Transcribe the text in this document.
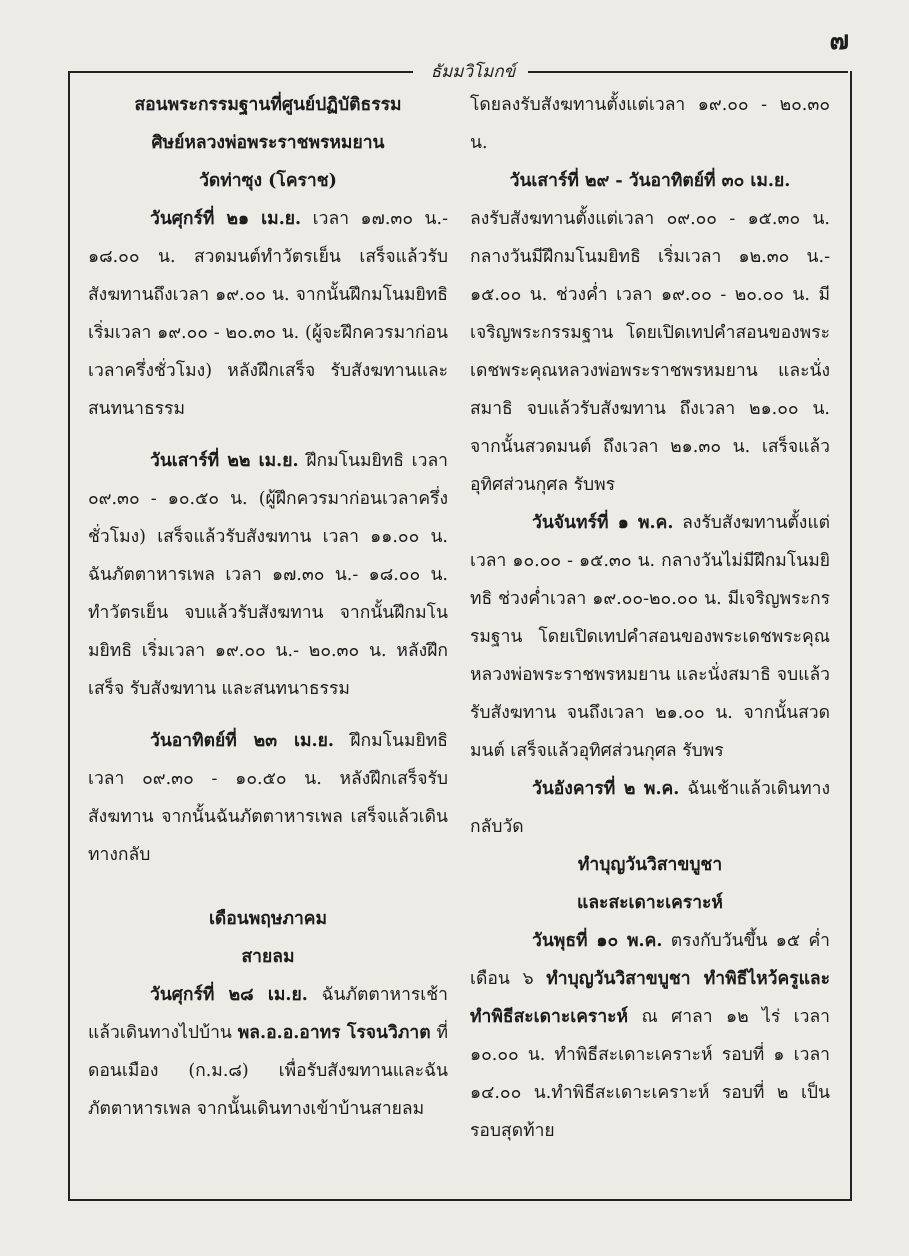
๗
ธัมมวิโมกข์

สอนพระกรรมฐานที่ศูนย์ปฏิบัติธรรม

ศิษย์หลวงพ่อพระราชพรหมยาน

วัดท่าซุง (โคราช)

วันศุกร์ที่ ๒๑ เม.ย. เวลา ๑๗.๓๐ น.- ๑๘.๐๐ น. สวดมนต์ทำวัตรเย็น เสร็จแล้วรับสังฆทานถึงเวลา ๑๙.๐๐ น. จากนั้นฝึกมโนมยิทธิ เริ่มเวลา ๑๙.๐๐ - ๒๐.๓๐ น. (ผู้จะฝึกควรมาก่อนเวลาครึ่งชั่วโมง) หลังฝึกเสร็จ รับสังฆทานและสนทนาธรรม

วันเสาร์ที่ ๒๒ เม.ย. ฝึกมโนมยิทธิ เวลา ๐๙.๓๐ - ๑๐.๕๐ น. (ผู้ฝึกควรมาก่อนเวลาครึ่งชั่วโมง) เสร็จแล้วรับสังฆทาน เวลา ๑๑.๐๐ น. ฉันภัตตาหารเพล เวลา ๑๗.๓๐ น.- ๑๘.๐๐ น. ทำวัตรเย็น จบแล้วรับสังฆทาน จากนั้นฝึกมโนมยิทธิ เริ่มเวลา ๑๙.๐๐ น.- ๒๐.๓๐ น. หลังฝึกเสร็จ รับสังฆทาน และสนทนาธรรม

วันอาทิตย์ที่ ๒๓ เม.ย. ฝึกมโนมยิทธิ เวลา ๐๙.๓๐ - ๑๐.๕๐ น. หลังฝึกเสร็จรับสังฆทาน จากนั้นฉันภัตตาหารเพล เสร็จแล้วเดินทางกลับ

เดือนพฤษภาคม

สายลม

วันศุกร์ที่ ๒๘ เม.ย. ฉันภัตตาหารเช้าแล้วเดินทางไปบ้าน พล.อ.อ.อาทร โรจนวิภาต ที่ดอนเมือง (ก.ม.๘) เพื่อรับสังฆทานและฉันภัตตาหารเพล จากนั้นเดินทางเข้าบ้านสายลม

โดยลงรับสังฆทานตั้งแต่เวลา ๑๙.๐๐ - ๒๐.๓๐ น.

วันเสาร์ที่ ๒๙ - วันอาทิตย์ที่ ๓๐ เม.ย.

ลงรับสังฆทานตั้งแต่เวลา ๐๙.๐๐ - ๑๕.๓๐ น. กลางวันมีฝึกมโนมยิทธิ เริ่มเวลา ๑๒.๓๐ น.- ๑๕.๐๐ น. ช่วงค่ำ เวลา ๑๙.๐๐ - ๒๐.๐๐ น. มีเจริญพระกรรมฐาน โดยเปิดเทปคำสอนของพระเดชพระคุณหลวงพ่อพระราชพรหมยาน และนั่งสมาธิ จบแล้วรับสังฆทาน ถึงเวลา ๒๑.๐๐ น. จากนั้นสวดมนต์ ถึงเวลา ๒๑.๓๐ น. เสร็จแล้วอุทิศส่วนกุศล รับพร

วันจันทร์ที่ ๑ พ.ค. ลงรับสังฆทานตั้งแต่เวลา ๑๐.๐๐ - ๑๕.๓๐ น. กลางวันไม่มีฝึกมโนมยิทธิ ช่วงค่ำเวลา ๑๙.๐๐-๒๐.๐๐ น. มีเจริญพระกรรมฐาน โดยเปิดเทปคำสอนของพระเดชพระคุณหลวงพ่อพระราชพรหมยาน และนั่งสมาธิ จบแล้วรับสังฆทาน จนถึงเวลา ๒๑.๐๐ น. จากนั้นสวดมนต์ เสร็จแล้วอุทิศส่วนกุศล รับพร

วันอังคารที่ ๒ พ.ค. ฉันเช้าแล้วเดินทางกลับวัด

ทำบุญวันวิสาขบูชา

และสะเดาะเคราะห์

วันพุธที่ ๑๐ พ.ค. ตรงกับวันขึ้น ๑๕ ค่ำ เดือน ๖ ทำบุญวันวิสาขบูชา ทำพิธีไหว้ครูและทำพิธีสะเดาะเคราะห์ ณ ศาลา ๑๒ ไร่ เวลา ๑๐.๐๐ น. ทำพิธีสะเดาะเคราะห์ รอบที่ ๑ เวลา ๑๔.๐๐ น.ทำพิธีสะเดาะเคราะห์ รอบที่ ๒ เป็นรอบสุดท้าย
